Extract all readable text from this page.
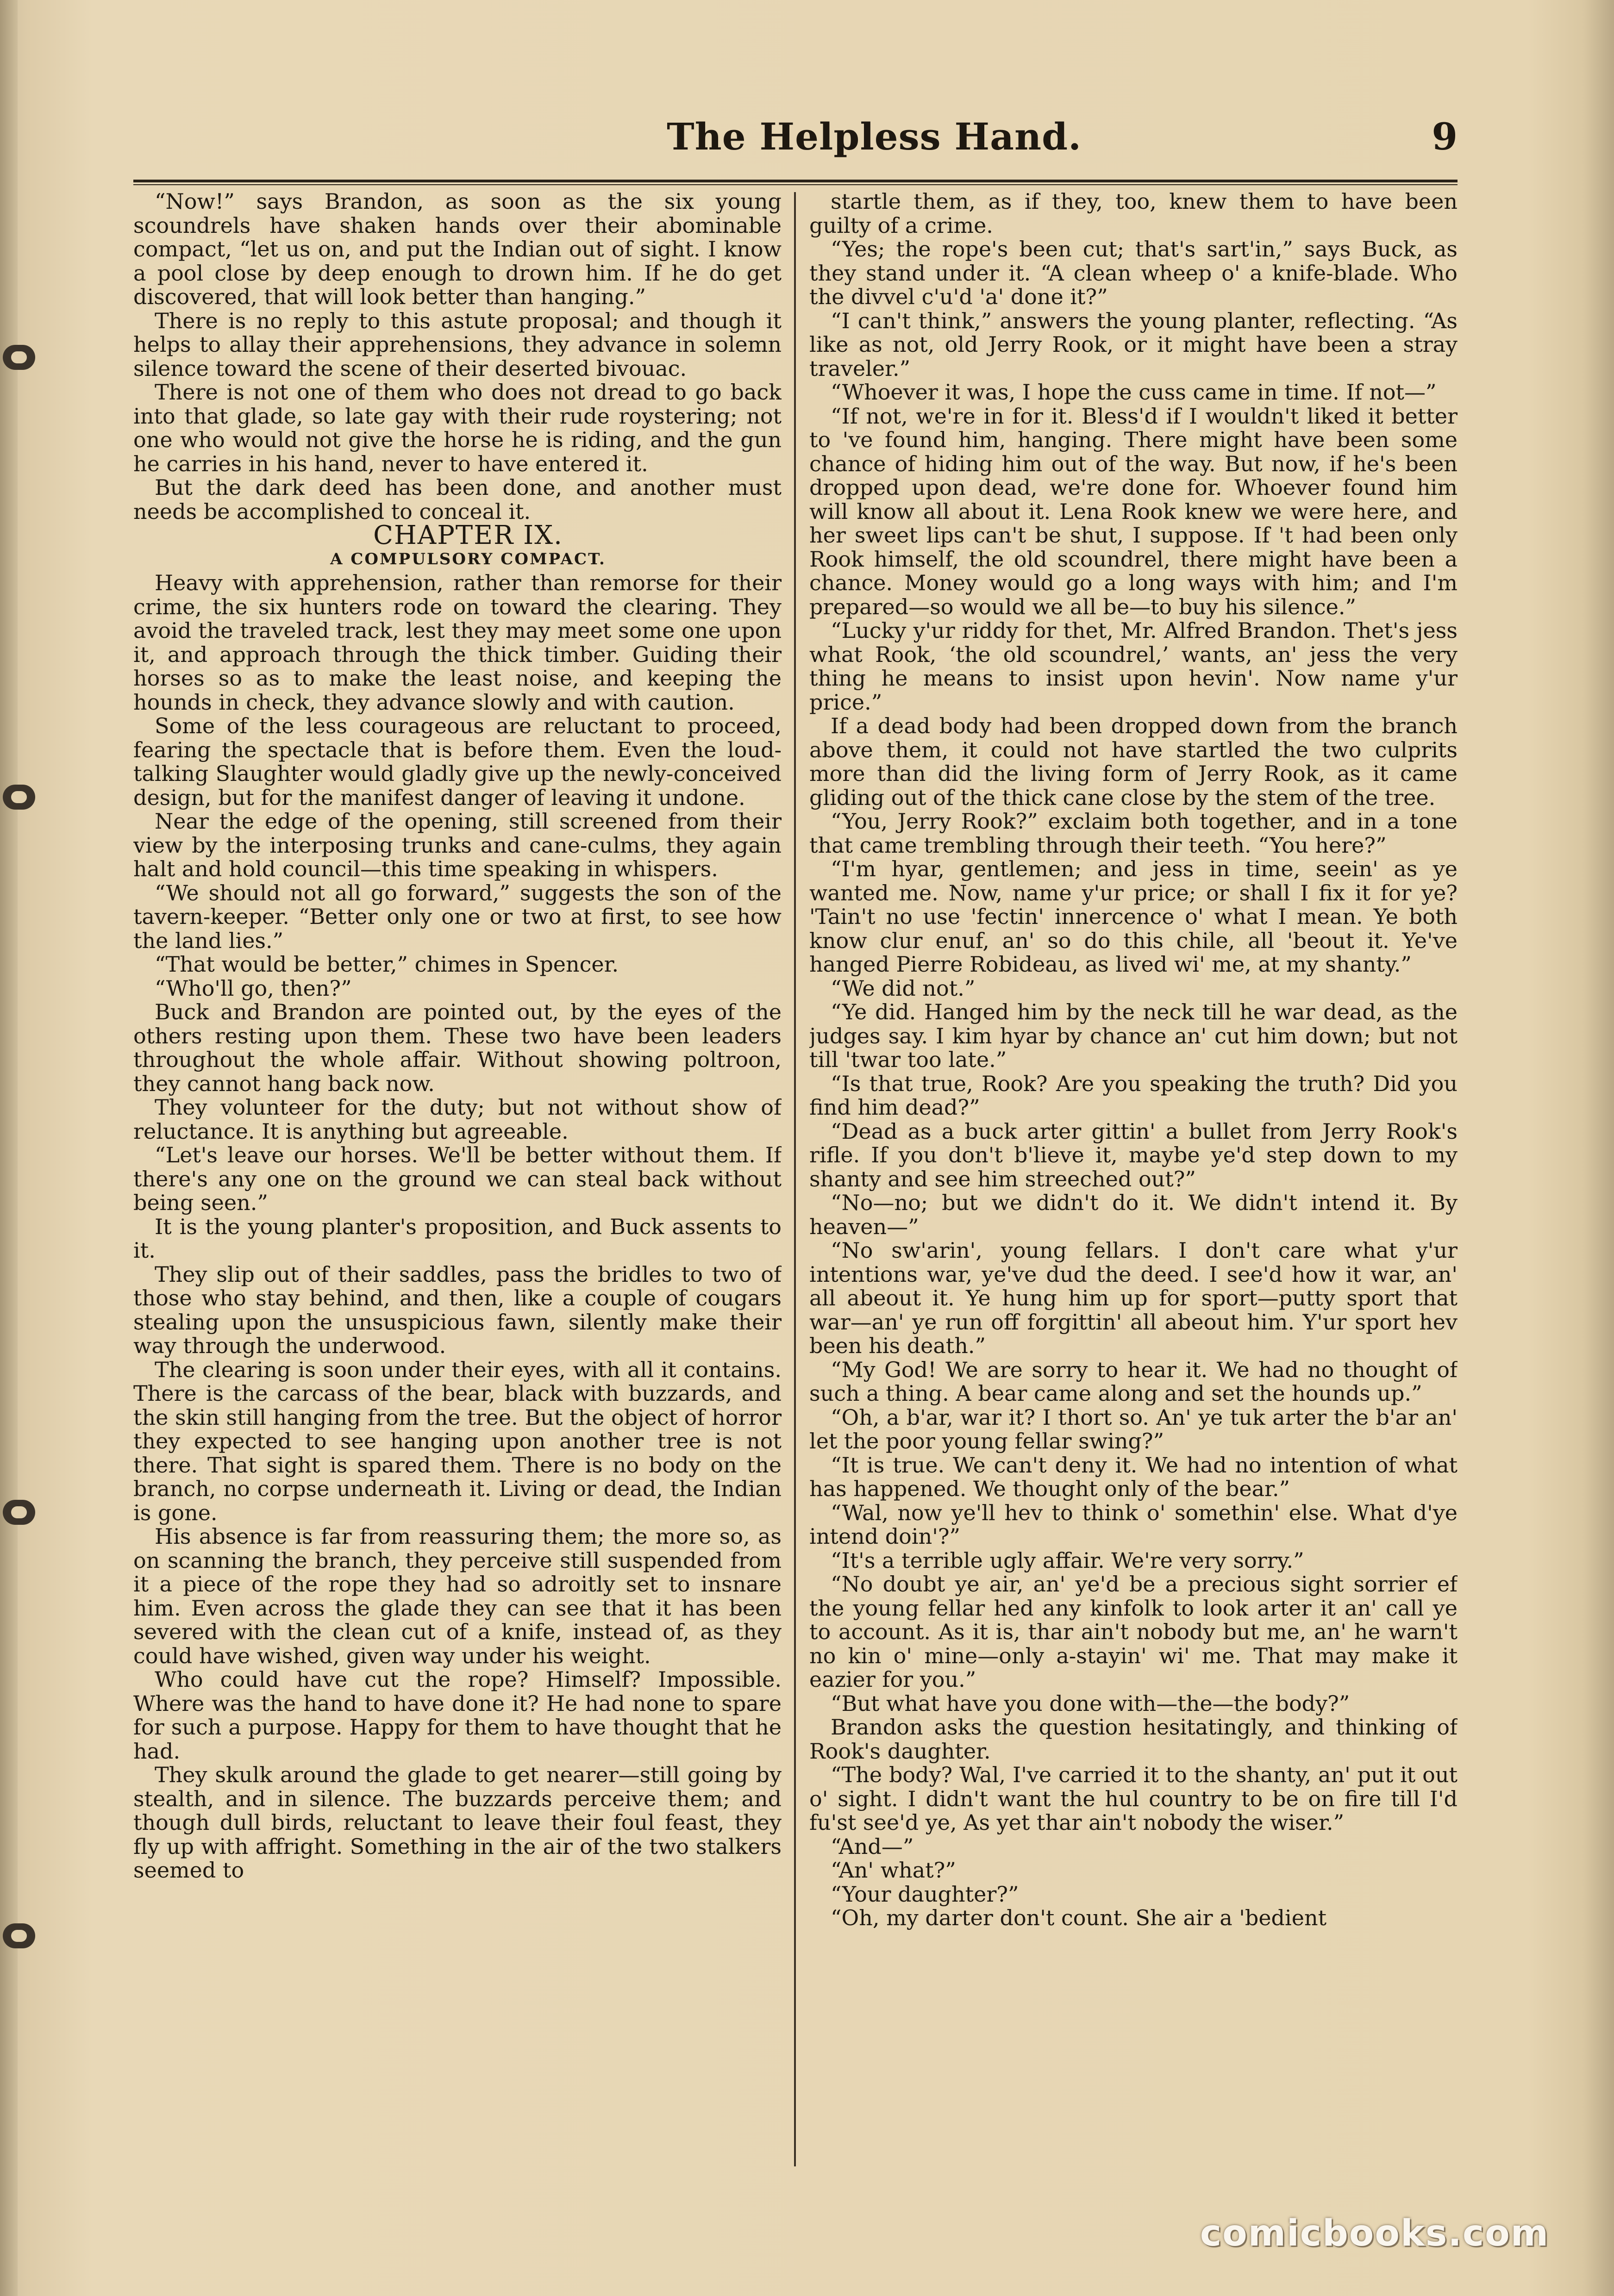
The Helpless Hand.	9

“Now!” says Brandon, as soon as the six young scoundrels have shaken hands over their abominable compact, “let us on, and put the Indian out of sight. I know a pool close by deep enough to drown him. If he do get discovered, that will look better than hanging.”

There is no reply to this astute proposal; and though it helps to allay their apprehensions, they advance in solemn silence toward the scene of their deserted bivouac.

There is not one of them who does not dread to go back into that glade, so late gay with their rude roystering; not one who would not give the horse he is riding, and the gun he carries in his hand, never to have entered it.

But the dark deed has been done, and another must needs be accomplished to conceal it.

CHAPTER IX.

A COMPULSORY COMPACT.

Heavy with apprehension, rather than remorse for their crime, the six hunters rode on toward the clearing. They avoid the traveled track, lest they may meet some one upon it, and approach through the thick timber. Guiding their horses so as to make the least noise, and keeping the hounds in check, they advance slowly and with caution.

Some of the less courageous are reluctant to proceed, fearing the spectacle that is before them. Even the loud-talking Slaughter would gladly give up the newly-conceived design, but for the manifest danger of leaving it undone.

Near the edge of the opening, still screened from their view by the interposing trunks and cane-culms, they again halt and hold council—this time speaking in whispers.

“We should not all go forward,” suggests the son of the tavern-keeper. “Better only one or two at first, to see how the land lies.”

“That would be better,” chimes in Spencer.

“Who'll go, then?”

Buck and Brandon are pointed out, by the eyes of the others resting upon them. These two have been leaders throughout the whole affair. Without showing poltroon, they cannot hang back now.

They volunteer for the duty; but not without show of reluctance. It is anything but agreeable.

“Let's leave our horses. We'll be better without them. If there's any one on the ground we can steal back without being seen.”

It is the young planter's proposition, and Buck assents to it.

They slip out of their saddles, pass the bridles to two of those who stay behind, and then, like a couple of cougars stealing upon the unsuspicious fawn, silently make their way through the underwood.

The clearing is soon under their eyes, with all it contains. There is the carcass of the bear, black with buzzards, and the skin still hanging from the tree. But the object of horror they expected to see hanging upon another tree is not there. That sight is spared them. There is no body on the branch, no corpse underneath it. Living or dead, the Indian is gone.

His absence is far from reassuring them; the more so, as on scanning the branch, they perceive still suspended from it a piece of the rope they had so adroitly set to insnare him. Even across the glade they can see that it has been severed with the clean cut of a knife, instead of, as they could have wished, given way under his weight.

Who could have cut the rope? Himself? Impossible. Where was the hand to have done it? He had none to spare for such a purpose. Happy for them to have thought that he had.

They skulk around the glade to get nearer—still going by stealth, and in silence. The buzzards perceive them; and though dull birds, reluctant to leave their foul feast, they fly up with affright. Something in the air of the two stalkers seemed to

startle them, as if they, too, knew them to have been guilty of a crime.

“Yes; the rope's been cut; that's sart'in,” says Buck, as they stand under it. “A clean wheep o' a knife-blade. Who the divvel c'u'd 'a' done it?”

“I can't think,” answers the young planter, reflecting. “As like as not, old Jerry Rook, or it might have been a stray traveler.”

“Whoever it was, I hope the cuss came in time. If not—”

“If not, we're in for it. Bless'd if I wouldn't liked it better to 've found him, hanging. There might have been some chance of hiding him out of the way. But now, if he's been dropped upon dead, we're done for. Whoever found him will know all about it. Lena Rook knew we were here, and her sweet lips can't be shut, I suppose. If 't had been only Rook himself, the old scoundrel, there might have been a chance. Money would go a long ways with him; and I'm prepared—so would we all be—to buy his silence.”

“Lucky y'ur riddy for thet, Mr. Alfred Brandon. Thet's jess what Rook, ‘the old scoundrel,’ wants, an' jess the very thing he means to insist upon hevin'. Now name y'ur price.”

If a dead body had been dropped down from the branch above them, it could not have startled the two culprits more than did the living form of Jerry Rook, as it came gliding out of the thick cane close by the stem of the tree.

“You, Jerry Rook?” exclaim both together, and in a tone that came trembling through their teeth. “You here?”

“I'm hyar, gentlemen; and jess in time, seein' as ye wanted me. Now, name y'ur price; or shall I fix it for ye? 'Tain't no use 'fectin' innercence o' what I mean. Ye both know clur enuf, an' so do this chile, all 'beout it. Ye've hanged Pierre Robideau, as lived wi' me, at my shanty.”

“We did not.”

“Ye did. Hanged him by the neck till he war dead, as the judges say. I kim hyar by chance an' cut him down; but not till 'twar too late.”

“Is that true, Rook? Are you speaking the truth? Did you find him dead?”

“Dead as a buck arter gittin' a bullet from Jerry Rook's rifle. If you don't b'lieve it, maybe ye'd step down to my shanty and see him streeched out?”

“No—no; but we didn't do it. We didn't intend it. By heaven—”

“No sw'arin', young fellars. I don't care what y'ur intentions war, ye've dud the deed. I see'd how it war, an' all abeout it. Ye hung him up for sport—putty sport that war—an' ye run off forgittin' all abeout him. Y'ur sport hev been his death.”

“My God! We are sorry to hear it. We had no thought of such a thing. A bear came along and set the hounds up.”

“Oh, a b'ar, war it? I thort so. An' ye tuk arter the b'ar an' let the poor young fellar swing?”

“It is true. We can't deny it. We had no intention of what has happened. We thought only of the bear.”

“Wal, now ye'll hev to think o' somethin' else. What d'ye intend doin'?”

“It's a terrible ugly affair. We're very sorry.”

“No doubt ye air, an' ye'd be a precious sight sorrier ef the young fellar hed any kinfolk to look arter it an' call ye to account. As it is, thar ain't nobody but me, an' he warn't no kin o' mine—only a-stayin' wi' me. That may make it eazier for you.”

“But what have you done with—the—the body?”

Brandon asks the question hesitatingly, and thinking of Rook's daughter.

“The body? Wal, I've carried it to the shanty, an' put it out o' sight. I didn't want the hul country to be on fire till I'd fu'st see'd ye, As yet thar ain't nobody the wiser.”

“And—”

“An' what?”

“Your daughter?”

“Oh, my darter don't count. She air a 'bedient

comicbooks.com
